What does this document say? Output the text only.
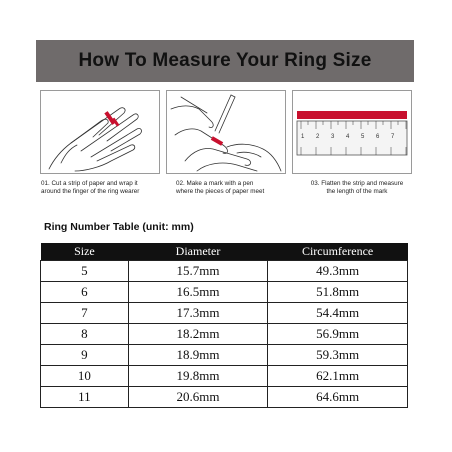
How To Measure Your Ring Size
1 2 3 4 5 6 7
01. Cut a strip of paper and wrap it
around the finger of the ring wearer
02. Make a mark with a pen
where the pieces of paper meet
03. Flatten the strip and measure
the length of the mark
Ring Number Table (unit: mm)
Size	Diameter	Circumference
5	15.7mm	49.3mm
6	16.5mm	51.8mm
7	17.3mm	54.4mm
8	18.2mm	56.9mm
9	18.9mm	59.3mm
10	19.8mm	62.1mm
11	20.6mm	64.6mm
